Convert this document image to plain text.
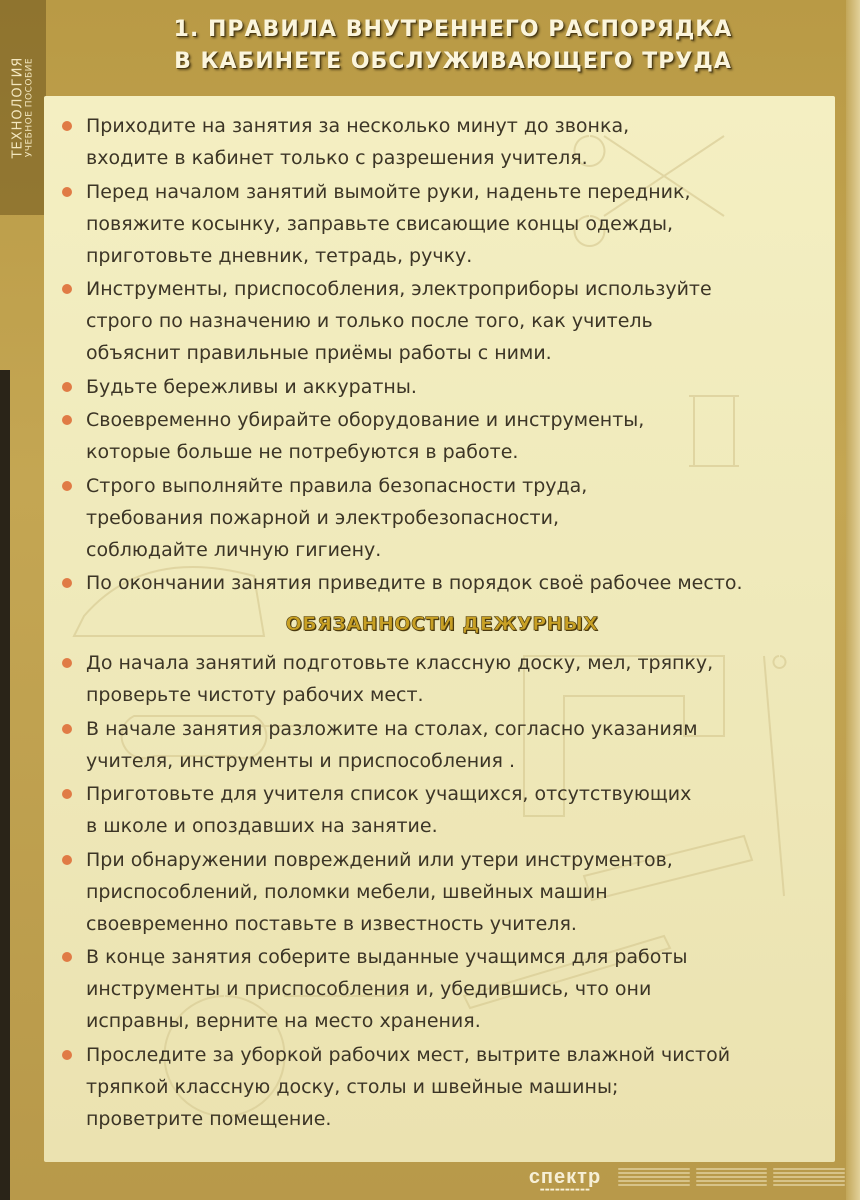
ТЕХНОЛОГИЯ
УЧЕБНОЕ ПОСОБИЕ
1. ПРАВИЛА ВНУТРЕННЕГО РАСПОРЯДКА
В КАБИНЕТЕ ОБСЛУЖИВАЮЩЕГО ТРУДА
Приходите на занятия за несколько минут до звонка,
входите в кабинет только с разрешения учителя.
Перед началом занятий вымойте руки, наденьте передник,
повяжите косынку, заправьте свисающие концы одежды,
приготовьте дневник, тетрадь, ручку.
Инструменты, приспособления, электроприборы используйте
строго по назначению и только после того, как учитель
объяснит правильные приёмы работы с ними.
Будьте бережливы и аккуратны.
Своевременно убирайте оборудование и инструменты,
которые больше не потребуются в работе.
Строго выполняйте правила безопасности труда,
требования пожарной и электробезопасности,
соблюдайте личную гигиену.
По окончании занятия приведите в порядок своё рабочее место.
ОБЯЗАННОСТИ ДЕЖУРНЫХ
До начала занятий подготовьте классную доску, мел, тряпку,
проверьте чистоту рабочих мест.
В начале занятия разложите на столах, согласно указаниям
учителя, инструменты и приспособления .
Приготовьте для учителя список учащихся, отсутствующих
в школе и опоздавших на занятие.
При обнаружении повреждений или утери инструментов,
приспособлений, поломки мебели, швейных машин
своевременно поставьте в известность учителя.
В конце занятия соберите выданные учащимся для работы
инструменты и приспособления и, убедившись, что они
исправны, верните на место хранения.
Проследите за уборкой рабочих мест, вытрите влажной чистой
тряпкой классную доску, столы и швейные машины;
проветрите помещение.
спектр
▬▬▬▬▬▬▬▬▬▬
